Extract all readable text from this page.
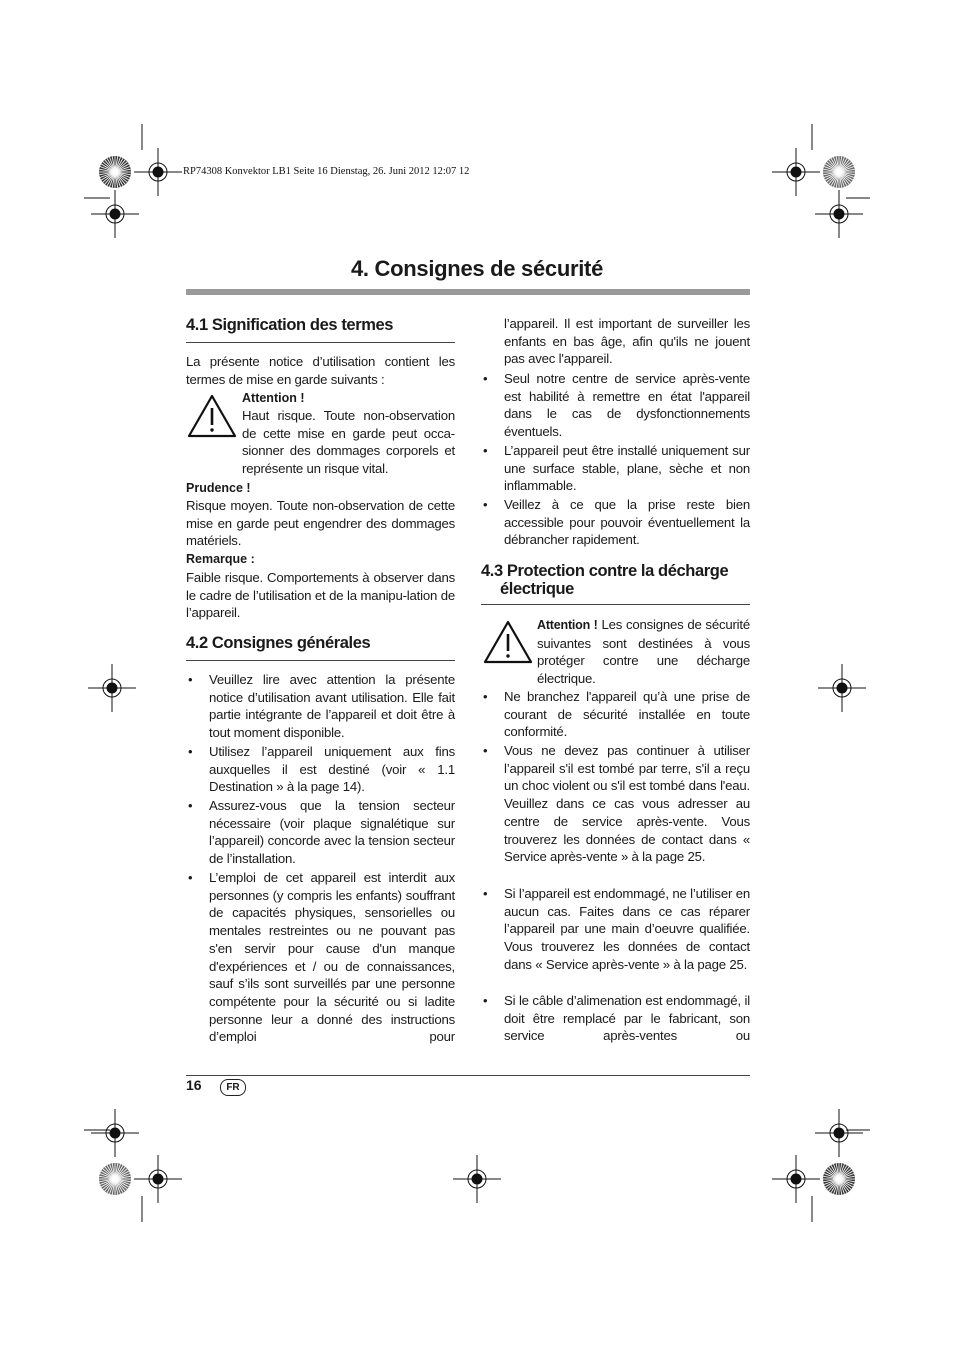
RP74308 Konvektor LB1 Seite 16 Dienstag, 26. Juni 2012 12:07 12
4. Consignes de sécurité
4.1 Signification des termes
La présente notice d’utilisation contient les termes de mise en garde suivants :
Attention !
Haut risque. Toute non-observation de cette mise en garde peut occa-sionner des dommages corporels et représente un risque vital.
Prudence !
Risque moyen. Toute non-observation de cette mise en garde peut engendrer des dommages matériels.
Remarque :
Faible risque. Comportements à observer dans le cadre de l’utilisation et de la manipu-lation de l’appareil.
4.2 Consignes générales
• Veuillez lire avec attention la présente notice d’utilisation avant utilisation. Elle fait partie intégrante de l’appareil et doit être à tout moment disponible.
• Utilisez l’appareil uniquement aux fins auxquelles il est destiné (voir « 1.1 Destination » à la page 14).
• Assurez-vous que la tension secteur nécessaire (voir plaque signalétique sur l’appareil) concorde avec la tension secteur de l’installation.
• L’emploi de cet appareil est interdit aux personnes (y compris les enfants) souffrant de capacités physiques, sensorielles ou mentales restreintes ou ne pouvant pas s'en servir pour cause d'un manque d'expériences et / ou de connaissances, sauf s’ils sont surveillés par une personne compétente pour la sécurité ou si ladite personne leur a donné des instructions d’emploi pour
l’appareil. Il est important de surveiller les enfants en bas âge, afin qu'ils ne jouent pas avec l'appareil.
• Seul notre centre de service après-vente est habilité à remettre en état l'appareil dans le cas de dysfonctionnements éventuels.
• L’appareil peut être installé uniquement sur une surface stable, plane, sèche et non inflammable.
• Veillez à ce que la prise reste bien accessible pour pouvoir éventuellement la débrancher rapidement.
4.3 Protection contre la décharge
électrique
Attention ! Les consignes de sécurité suivantes sont destinées à vous protéger contre une décharge électrique.
• Ne branchez l'appareil qu’à une prise de courant de sécurité installée en toute conformité.
• Vous ne devez pas continuer à utiliser l’appareil s'il est tombé par terre, s'il a reçu un choc violent ou s'il est tombé dans l'eau. Veuillez dans ce cas vous adresser au centre de service après-vente. Vous trouverez les données de contact dans « Service après-vente » à la page 25.
• Si l’appareil est endommagé, ne l’utiliser en aucun cas. Faites dans ce cas réparer l’appareil par une main d’oeuvre qualifiée. Vous trouverez les données de contact dans « Service après-vente » à la page 25.
• Si le câble d’alimenation est endommagé, il doit être remplacé par le fabricant, son service après-ventes ou
16	FR
